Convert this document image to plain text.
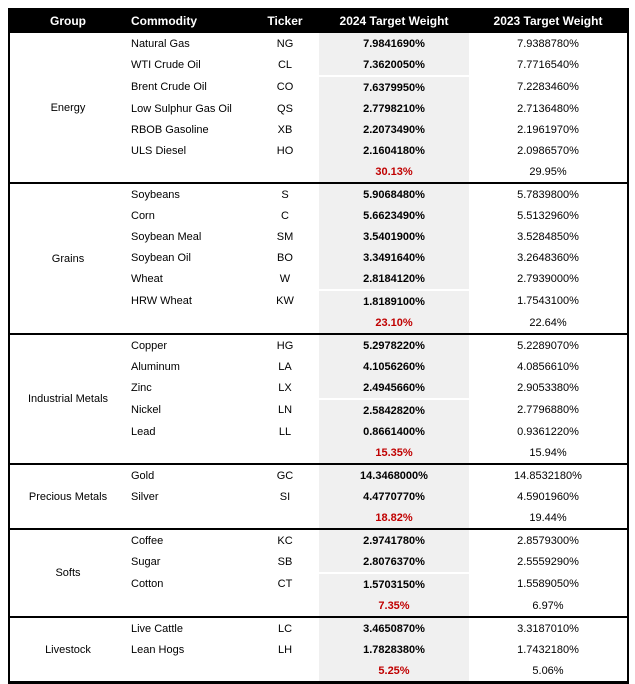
Group	Commodity	Ticker	2024 Target Weight	2023 Target Weight
Energy	Natural Gas	NG	7.9841690%	7.9388780%
	WTI Crude Oil	CL	7.3620050%	7.7716540%
	Brent Crude Oil	CO	7.6379950%	7.2283460%
	Low Sulphur Gas Oil	QS	2.7798210%	2.7136480%
	RBOB Gasoline	XB	2.2073490%	2.1961970%
	ULS Diesel	HO	2.1604180%	2.0986570%
			30.13%	29.95%
Grains	Soybeans	S	5.9068480%	5.7839800%
	Corn	C	5.6623490%	5.5132960%
	Soybean Meal	SM	3.5401900%	3.5284850%
	Soybean Oil	BO	3.3491640%	3.2648360%
	Wheat	W	2.8184120%	2.7939000%
	HRW Wheat	KW	1.8189100%	1.7543100%
			23.10%	22.64%
Industrial Metals	Copper	HG	5.2978220%	5.2289070%
	Aluminum	LA	4.1056260%	4.0856610%
	Zinc	LX	2.4945660%	2.9053380%
	Nickel	LN	2.5842820%	2.7796880%
	Lead	LL	0.8661400%	0.9361220%
			15.35%	15.94%
Precious Metals	Gold	GC	14.3468000%	14.8532180%
	Silver	SI	4.4770770%	4.5901960%
			18.82%	19.44%
Softs	Coffee	KC	2.9741780%	2.8579300%
	Sugar	SB	2.8076370%	2.5559290%
	Cotton	CT	1.5703150%	1.5589050%
			7.35%	6.97%
Livestock	Live Cattle	LC	3.4650870%	3.3187010%
	Lean Hogs	LH	1.7828380%	1.7432180%
			5.25%	5.06%
